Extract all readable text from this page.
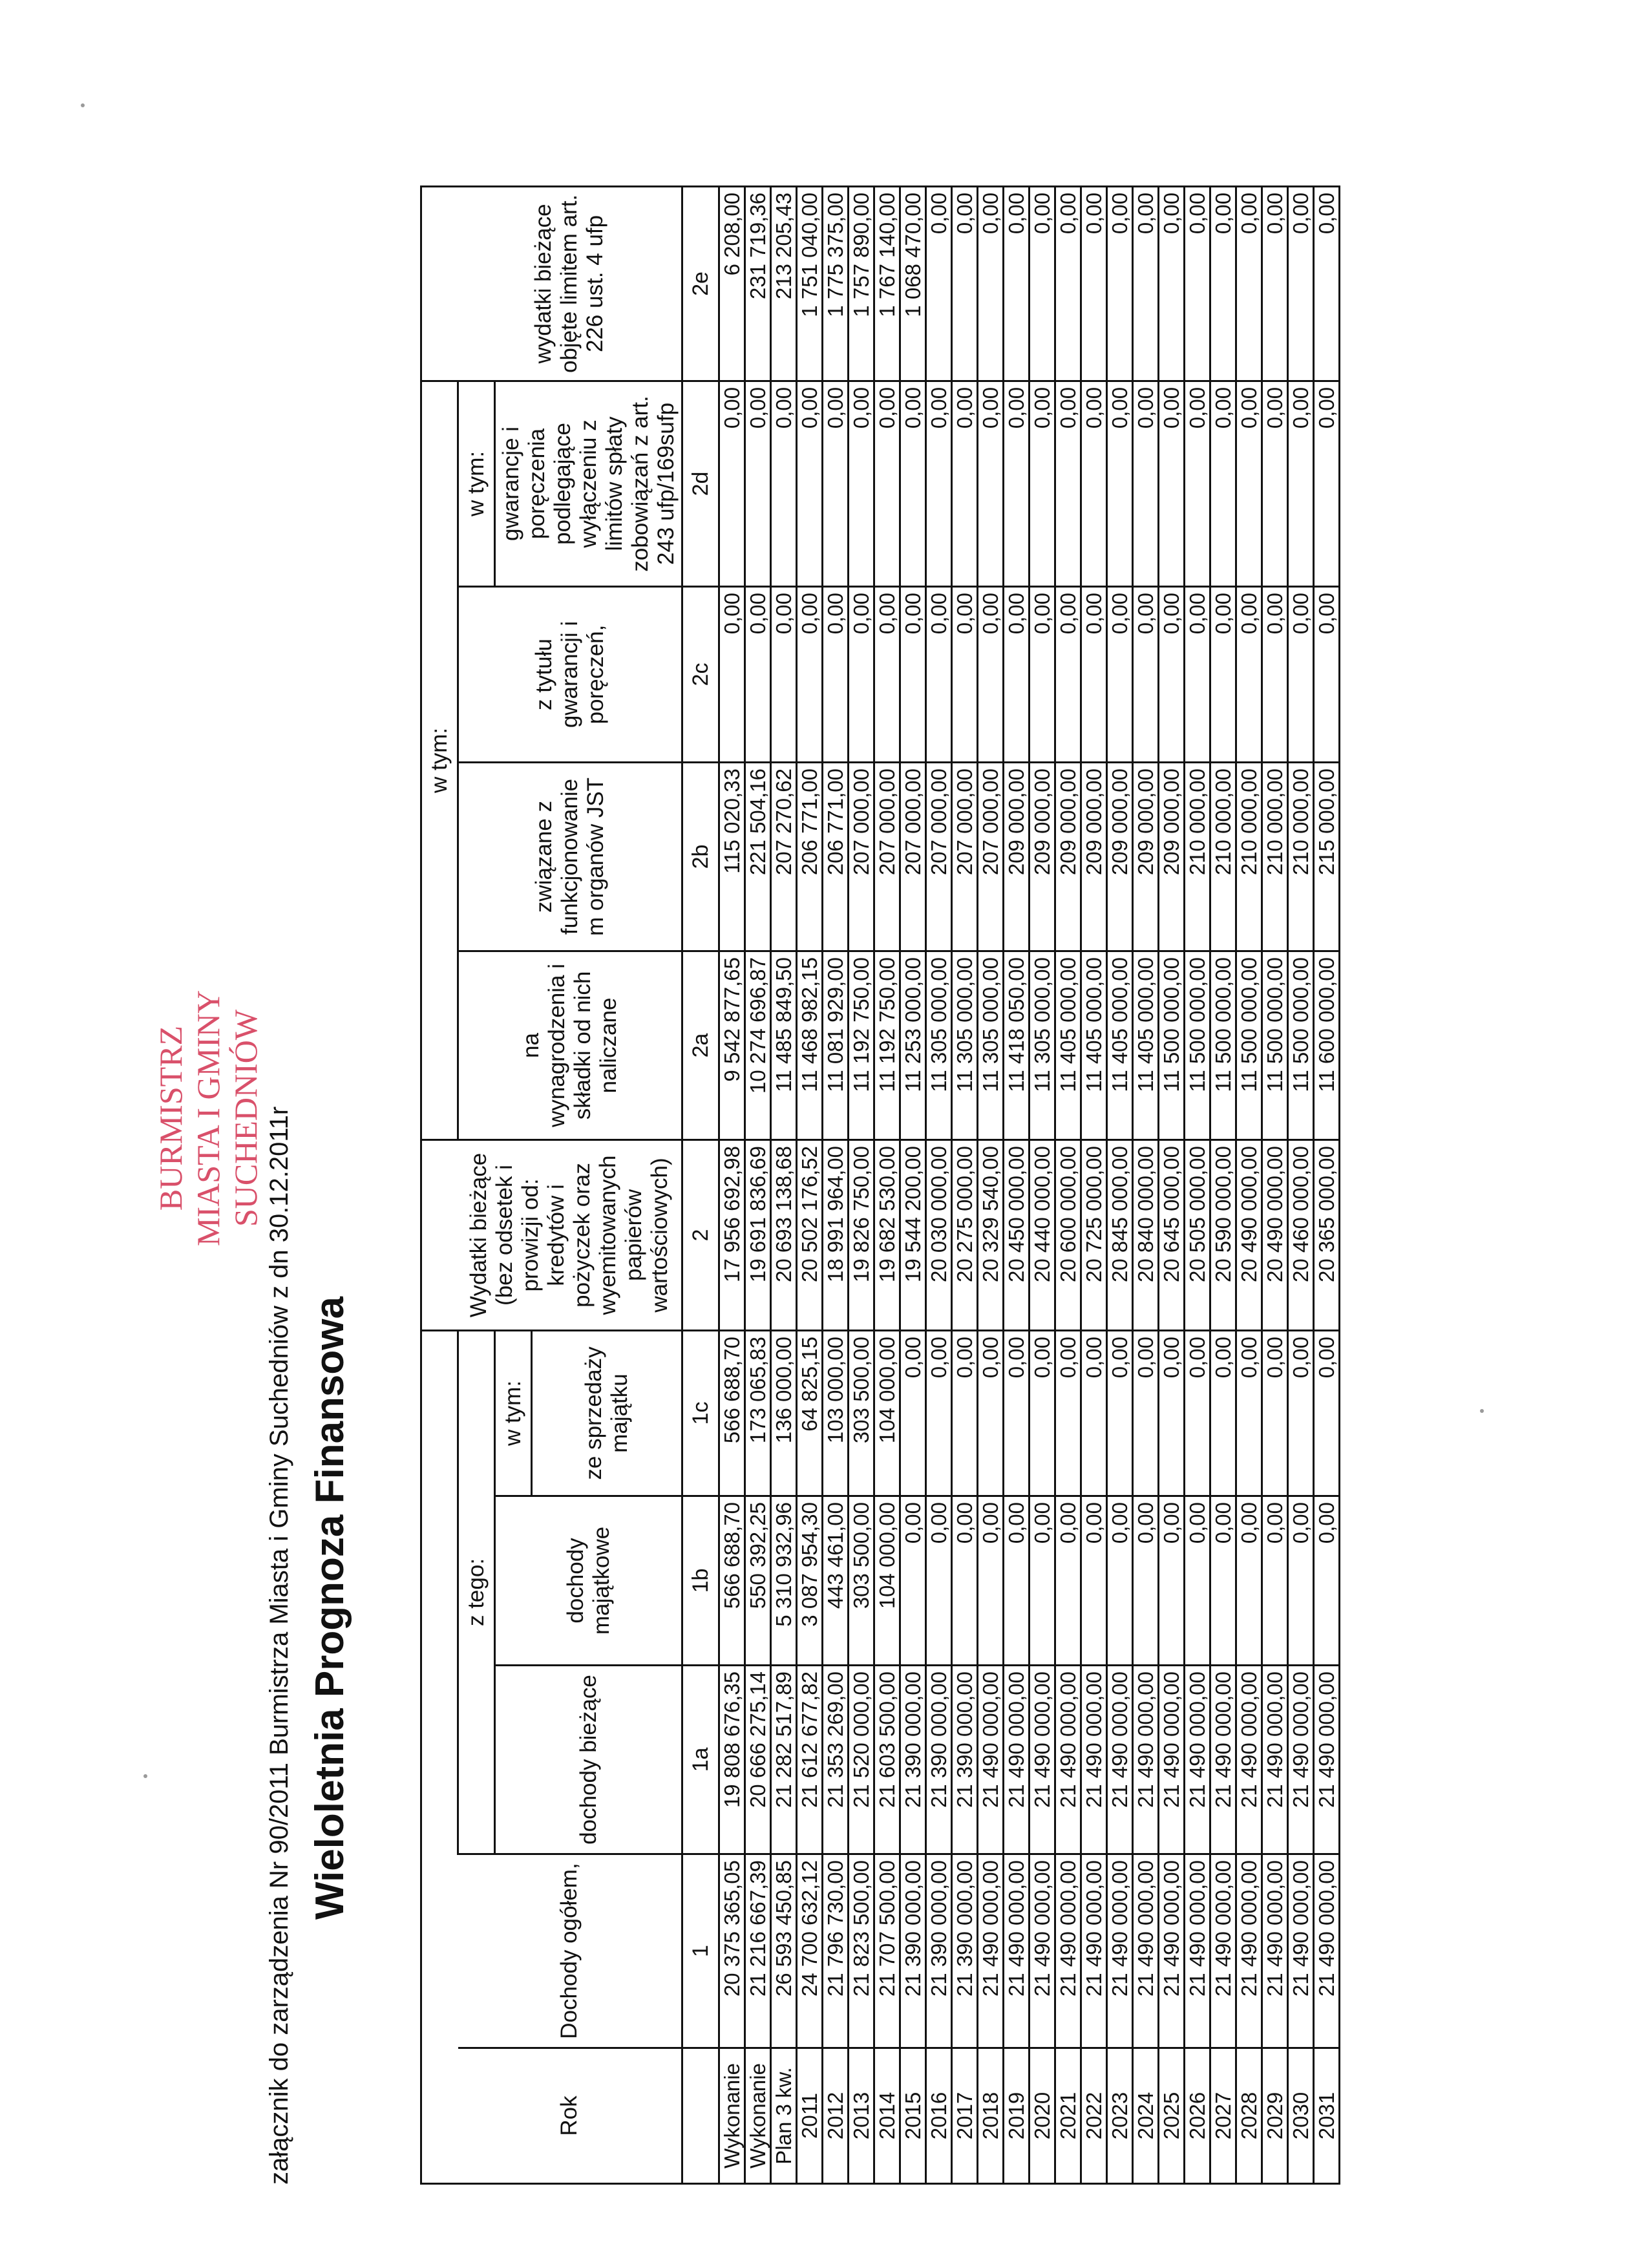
BURMISTRZ MIASTA I GMINY SUCHEDNIÓW załącznik do zarządzenia Nr 90/2011 Burmistrza Miasta i Gminy Suchedniów z dn 30.12.2011r Wieloletnia Prognoza Finansowa
						w tym:				
Rok	Dochody ogółem,	z tego:			Wydatki bieżące (bez odsetek i prowizji od: kredytów i pożyczek oraz wyemitowanych papierów wartościowych)	na wynagrodzenia i składki od nich naliczane	związane z funkcjonowanie m organów JST	z tytułu gwarancji i poręczeń,	w tym:	wydatki bieżące objęte limitem art. 226 ust. 4 ufp
		dochody bieżące	dochody majątkowe	w tym:					gwarancje i poręczenia podlegające wyłączeniu z limitów spłaty zobowiązań z art. 243 ufp/169sufp	
				ze sprzedaży majątku						
	1	1a	1b	1c	2	2a	2b	2c	2d	2e
Wykonanie	20 375 365,05	19 808 676,35	566 688,70	566 688,70	17 956 692,98	9 542 877,65	115 020,33	0,00	0,00	6 208,00
Wykonanie	21 216 667,39	20 666 275,14	550 392,25	173 065,83	19 691 836,69	10 274 696,87	221 504,16	0,00	0,00	231 719,36
Plan 3 kw.	26 593 450,85	21 282 517,89	5 310 932,96	136 000,00	20 693 138,68	11 485 849,50	207 270,62	0,00	0,00	213 205,43
2011	24 700 632,12	21 612 677,82	3 087 954,30	64 825,15	20 502 176,52	11 468 982,15	206 771,00	0,00	0,00	1 751 040,00
2012	21 796 730,00	21 353 269,00	443 461,00	103 000,00	18 991 964,00	11 081 929,00	206 771,00	0,00	0,00	1 775 375,00
2013	21 823 500,00	21 520 000,00	303 500,00	303 500,00	19 826 750,00	11 192 750,00	207 000,00	0,00	0,00	1 757 890,00
2014	21 707 500,00	21 603 500,00	104 000,00	104 000,00	19 682 530,00	11 192 750,00	207 000,00	0,00	0,00	1 767 140,00
2015	21 390 000,00	21 390 000,00	0,00	0,00	19 544 200,00	11 253 000,00	207 000,00	0,00	0,00	1 068 470,00
2016	21 390 000,00	21 390 000,00	0,00	0,00	20 030 000,00	11 305 000,00	207 000,00	0,00	0,00	0,00
2017	21 390 000,00	21 390 000,00	0,00	0,00	20 275 000,00	11 305 000,00	207 000,00	0,00	0,00	0,00
2018	21 490 000,00	21 490 000,00	0,00	0,00	20 329 540,00	11 305 000,00	207 000,00	0,00	0,00	0,00
2019	21 490 000,00	21 490 000,00	0,00	0,00	20 450 000,00	11 418 050,00	209 000,00	0,00	0,00	0,00
2020	21 490 000,00	21 490 000,00	0,00	0,00	20 440 000,00	11 305 000,00	209 000,00	0,00	0,00	0,00
2021	21 490 000,00	21 490 000,00	0,00	0,00	20 600 000,00	11 405 000,00	209 000,00	0,00	0,00	0,00
2022	21 490 000,00	21 490 000,00	0,00	0,00	20 725 000,00	11 405 000,00	209 000,00	0,00	0,00	0,00
2023	21 490 000,00	21 490 000,00	0,00	0,00	20 845 000,00	11 405 000,00	209 000,00	0,00	0,00	0,00
2024	21 490 000,00	21 490 000,00	0,00	0,00	20 840 000,00	11 405 000,00	209 000,00	0,00	0,00	0,00
2025	21 490 000,00	21 490 000,00	0,00	0,00	20 645 000,00	11 500 000,00	209 000,00	0,00	0,00	0,00
2026	21 490 000,00	21 490 000,00	0,00	0,00	20 505 000,00	11 500 000,00	210 000,00	0,00	0,00	0,00
2027	21 490 000,00	21 490 000,00	0,00	0,00	20 590 000,00	11 500 000,00	210 000,00	0,00	0,00	0,00
2028	21 490 000,00	21 490 000,00	0,00	0,00	20 490 000,00	11 500 000,00	210 000,00	0,00	0,00	0,00
2029	21 490 000,00	21 490 000,00	0,00	0,00	20 490 000,00	11 500 000,00	210 000,00	0,00	0,00	0,00
2030	21 490 000,00	21 490 000,00	0,00	0,00	20 460 000,00	11 500 000,00	210 000,00	0,00	0,00	0,00
2031	21 490 000,00	21 490 000,00	0,00	0,00	20 365 000,00	11 600 000,00	215 000,00	0,00	0,00	0,00
